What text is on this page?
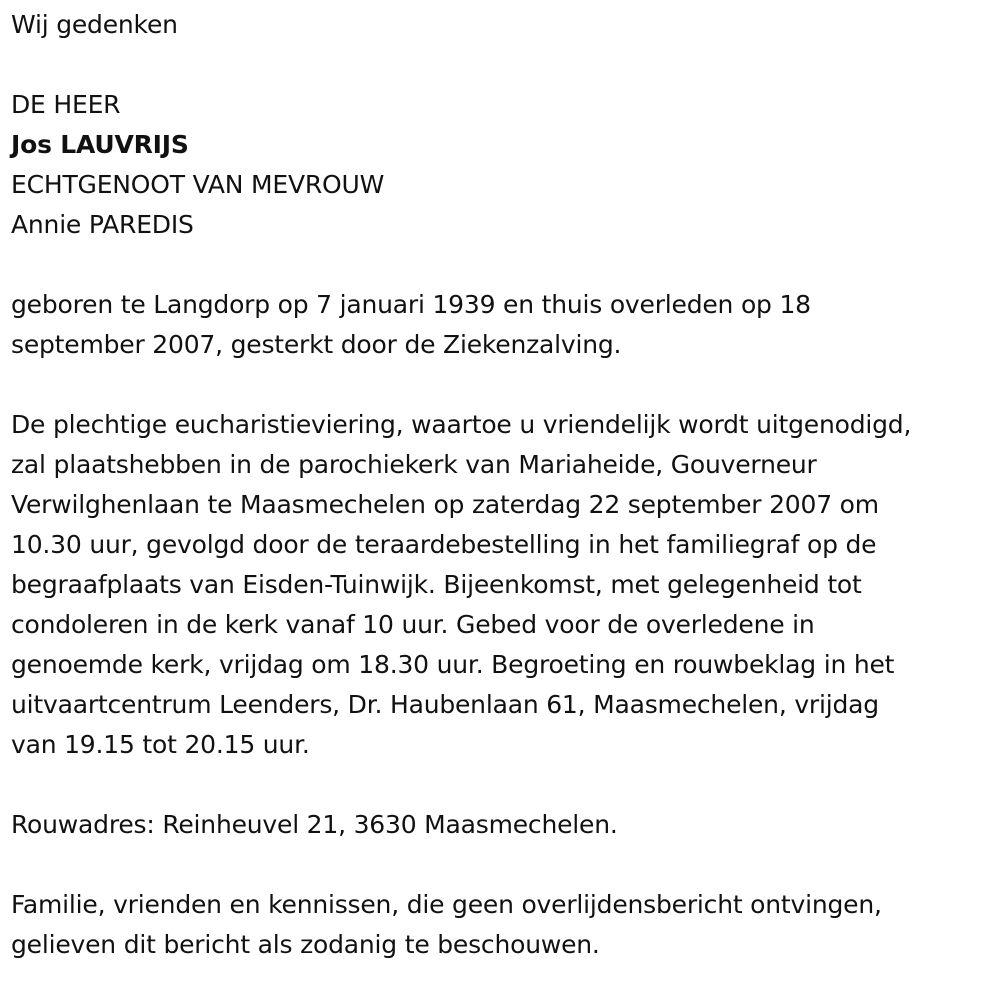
Wij gedenken
DE HEER
Jos LAUVRIJS
ECHTGENOOT VAN MEVROUW
Annie PAREDIS
geboren te Langdorp op 7 januari 1939 en thuis overleden op 18
september 2007, gesterkt door de Ziekenzalving.
De plechtige eucharistieviering, waartoe u vriendelijk wordt uitgenodigd,
zal plaatshebben in de parochiekerk van Mariaheide, Gouverneur
Verwilghenlaan te Maasmechelen op zaterdag 22 september 2007 om
10.30 uur, gevolgd door de teraardebestelling in het familiegraf op de
begraafplaats van Eisden-Tuinwijk. Bijeenkomst, met gelegenheid tot
condoleren in de kerk vanaf 10 uur. Gebed voor de overledene in
genoemde kerk, vrijdag om 18.30 uur. Begroeting en rouwbeklag in het
uitvaartcentrum Leenders, Dr. Haubenlaan 61, Maasmechelen, vrijdag
van 19.15 tot 20.15 uur.
Rouwadres: Reinheuvel 21, 3630 Maasmechelen.
Familie, vrienden en kennissen, die geen overlijdensbericht ontvingen,
gelieven dit bericht als zodanig te beschouwen.
